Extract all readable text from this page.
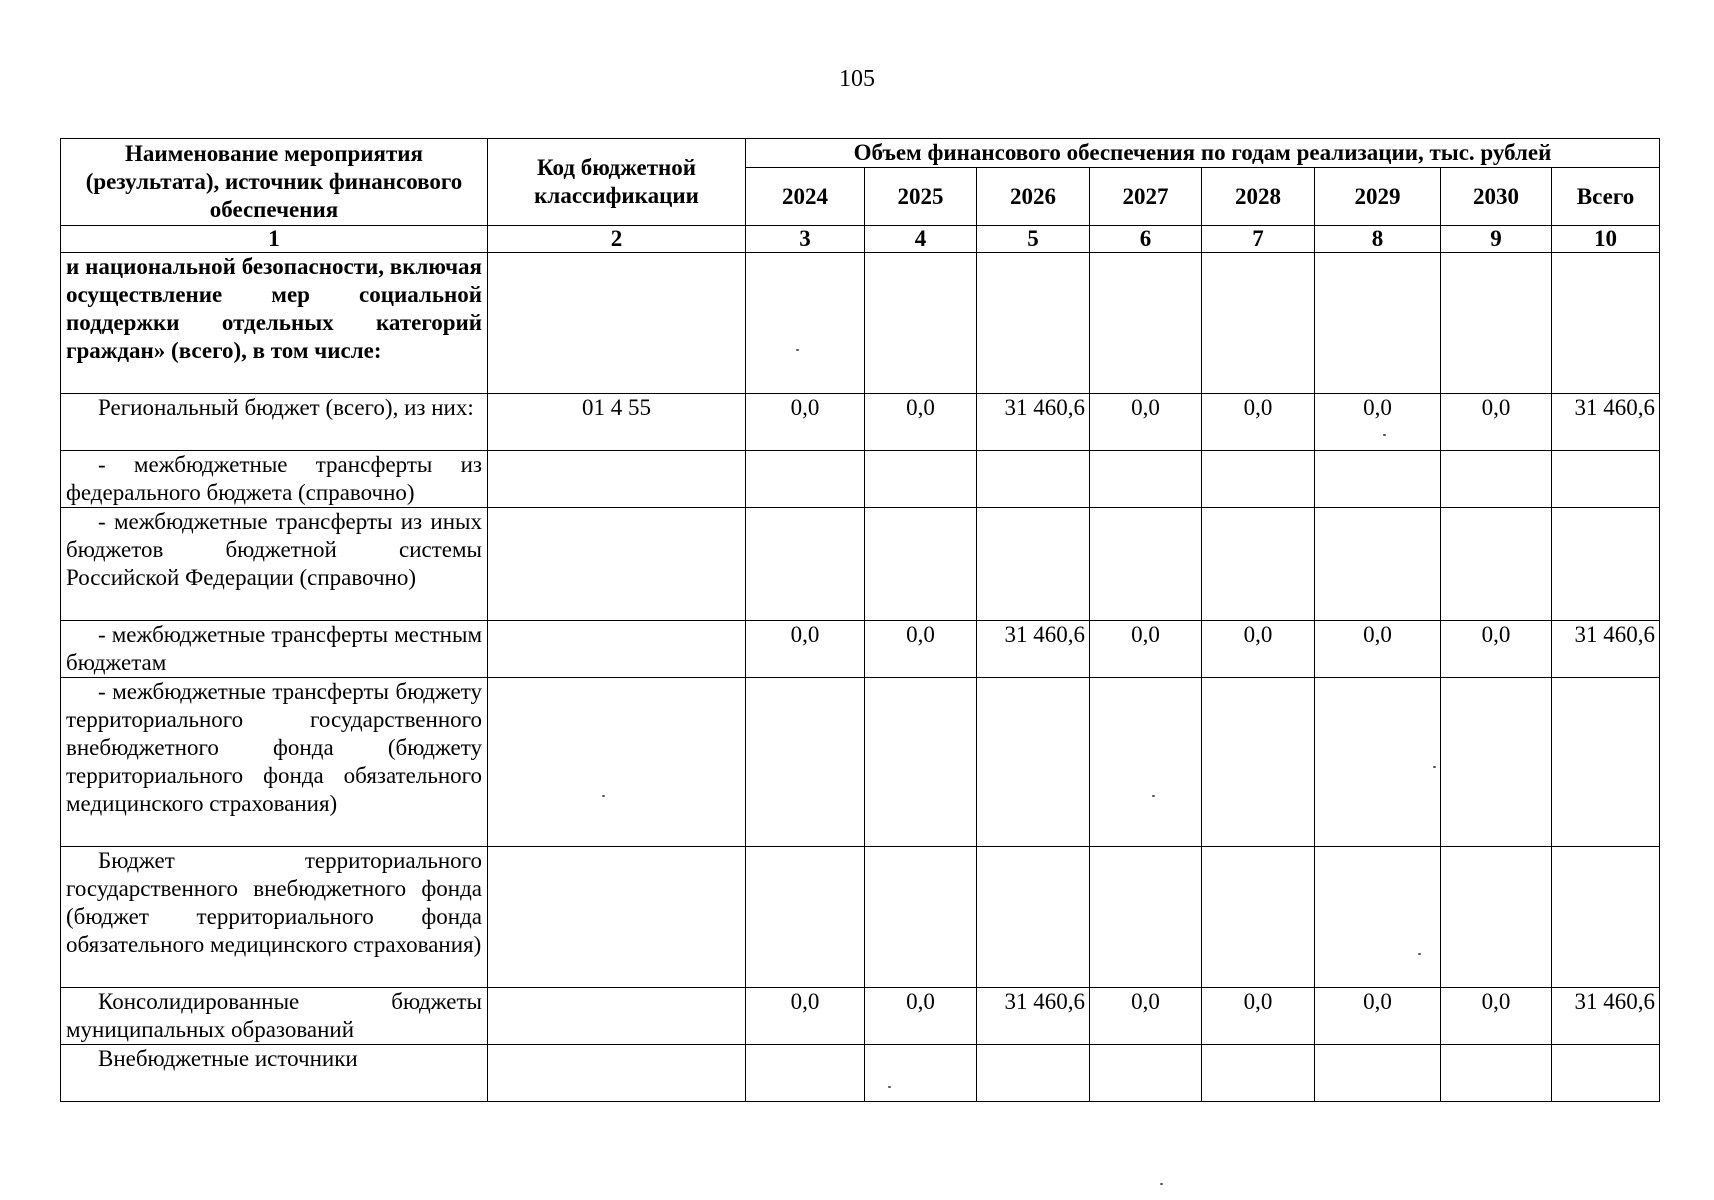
105
Наименование мероприятия (результата), источник финансового обеспечения	Код бюджетной классификации	Объем финансового обеспечения по годам реализации, тыс. рублей							
		2024	2025	2026	2027	2028	2029	2030	Всего
1	2	3	4	5	6	7	8	9	10
и национальной безопасности, включая осуществление мер социальной поддержки отдельных категорий граждан» (всего), в том числе:									
Региональный бюджет (всего), из них:	01 4 55	0,0	0,0	31 460,6	0,0	0,0	0,0	0,0	31 460,6
- межбюджетные трансферты из федерального бюджета (справочно)									
- межбюджетные трансферты из иных бюджетов бюджетной системы Российской Федерации (справочно)									
- межбюджетные трансферты местным бюджетам		0,0	0,0	31 460,6	0,0	0,0	0,0	0,0	31 460,6
- межбюджетные трансферты бюджету территориального государственного внебюджетного фонда (бюджету территориального фонда обязательного медицинского страхования)									
Бюджет территориального государственного внебюджетного фонда (бюджет территориального фонда обязательного медицинского страхования)									
Консолидированные бюджеты муниципальных образований		0,0	0,0	31 460,6	0,0	0,0	0,0	0,0	31 460,6
Внебюджетные источники									
